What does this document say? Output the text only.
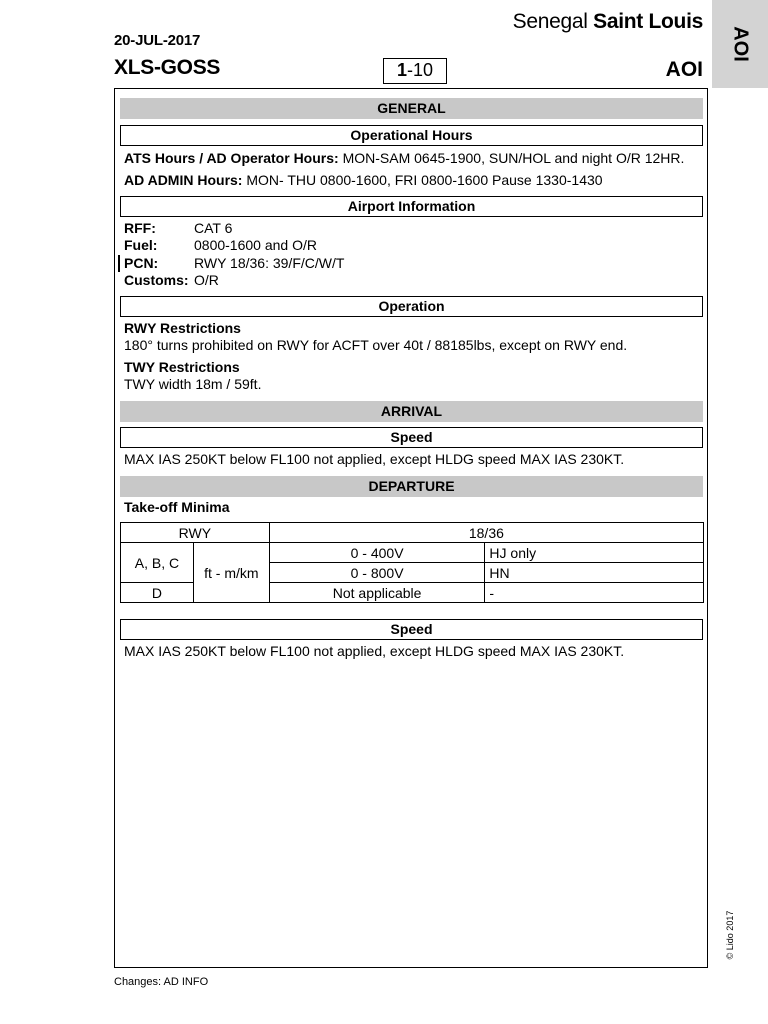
20-JUL-2017
XLS-GOSS
Senegal Saint Louis
1-10	AOI
AOI
GENERAL
Operational Hours
ATS Hours / AD Operator Hours: MON-SAM 0645-1900, SUN/HOL and night O/R 12HR.
AD ADMIN Hours: MON- THU 0800-1600, FRI 0800-1600 Pause 1330-1430
Airport Information
RFF:	CAT 6
Fuel:	0800-1600 and O/R
PCN:	RWY 18/36: 39/F/C/W/T
Customs: O/R
Operation
RWY Restrictions
180° turns prohibited on RWY for ACFT over 40t / 88185lbs, except on RWY end.
TWY Restrictions
TWY width 18m / 59ft.
ARRIVAL
Speed
MAX IAS 250KT below FL100 not applied, except HLDG speed MAX IAS 230KT.
DEPARTURE
Take-off Minima
RWY		18/36	
A, B, C	ft - m/km	0 - 400V	HJ only
		0 - 800V	HN
D		Not applicable	-
Speed
MAX IAS 250KT below FL100 not applied, except HLDG speed MAX IAS 230KT.
© Lido 2017
Changes: AD INFO
